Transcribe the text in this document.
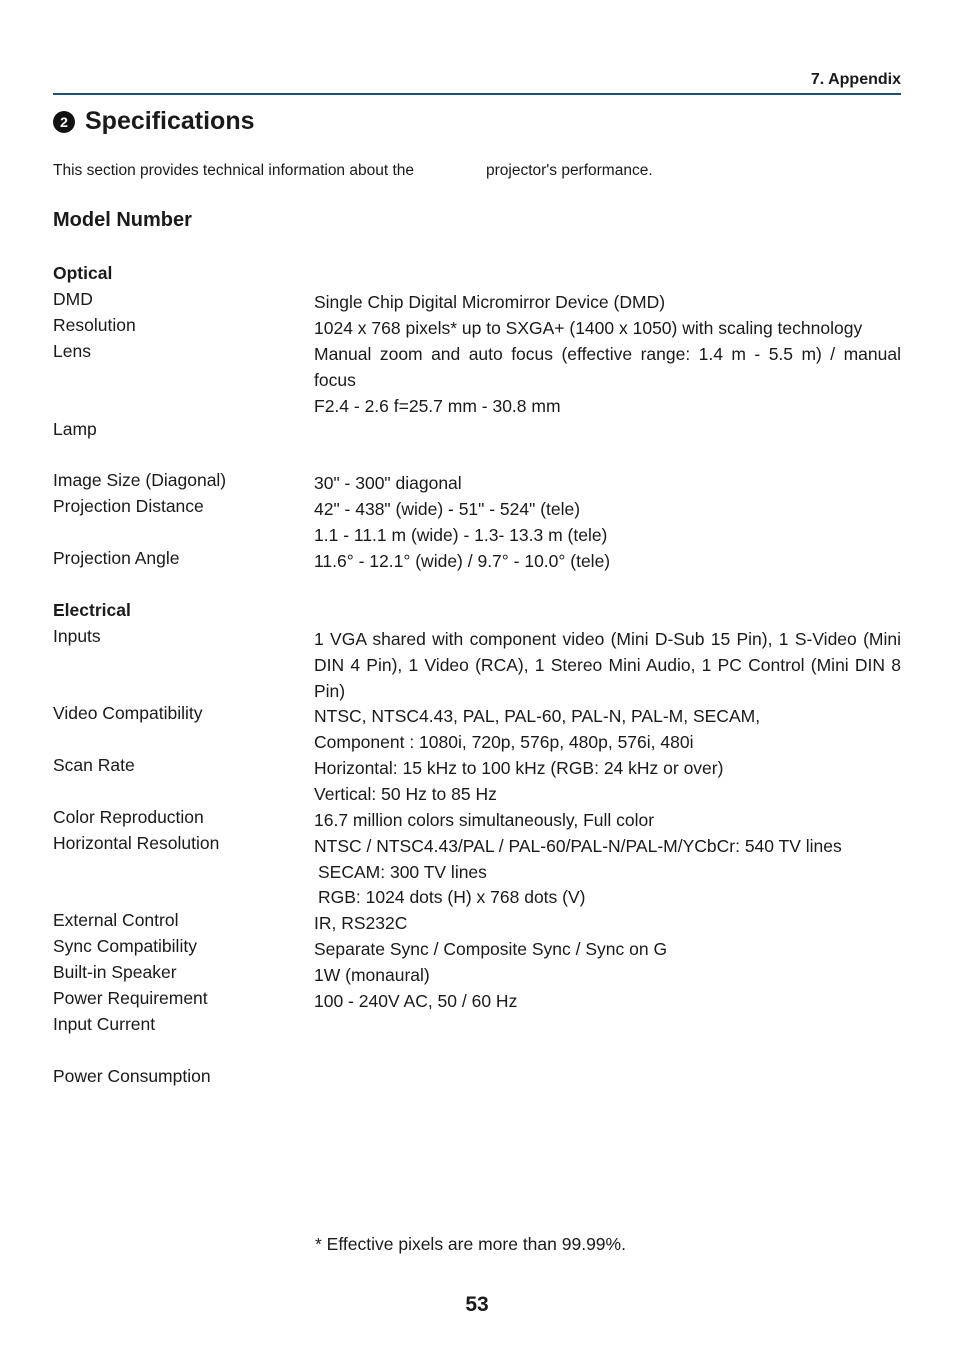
7. Appendix
2 Specifications
This section provides technical information about the	projector's performance.
Model Number
Optical
DMD	Single Chip Digital Micromirror Device (DMD)
Resolution	1024 x 768 pixels* up to SXGA+ (1400 x 1050) with scaling technology
Lens	Manual zoom and auto focus (effective range: 1.4 m - 5.5 m) / manual focus
F2.4 - 2.6 f=25.7 mm - 30.8 mm
Lamp
Image Size (Diagonal)	30" - 300" diagonal
Projection Distance	42" - 438" (wide) - 51" - 524" (tele)
1.1 - 11.1 m (wide) - 1.3- 13.3 m (tele)
Projection Angle	11.6° - 12.1° (wide) / 9.7° - 10.0° (tele)
Electrical
Inputs	1 VGA shared with component video (Mini D-Sub 15 Pin), 1 S-Video (Mini DIN 4 Pin), 1 Video (RCA), 1 Stereo Mini Audio, 1 PC Control (Mini DIN 8 Pin)
Video Compatibility	NTSC, NTSC4.43, PAL, PAL-60, PAL-N, PAL-M, SECAM,
Component : 1080i, 720p, 576p, 480p, 576i, 480i
Scan Rate	Horizontal: 15 kHz to 100 kHz (RGB: 24 kHz or over)
Vertical: 50 Hz to 85 Hz
Color Reproduction	16.7 million colors simultaneously, Full color
Horizontal Resolution	NTSC / NTSC4.43/PAL / PAL-60/PAL-N/PAL-M/YCbCr: 540 TV lines
SECAM: 300 TV lines
RGB: 1024 dots (H) x 768 dots (V)
External Control	IR, RS232C
Sync Compatibility	Separate Sync / Composite Sync / Sync on G
Built-in Speaker	1W (monaural)
Power Requirement	100 - 240V AC, 50 / 60 Hz
Input Current
Power Consumption
* Effective pixels are more than 99.99%.
53
